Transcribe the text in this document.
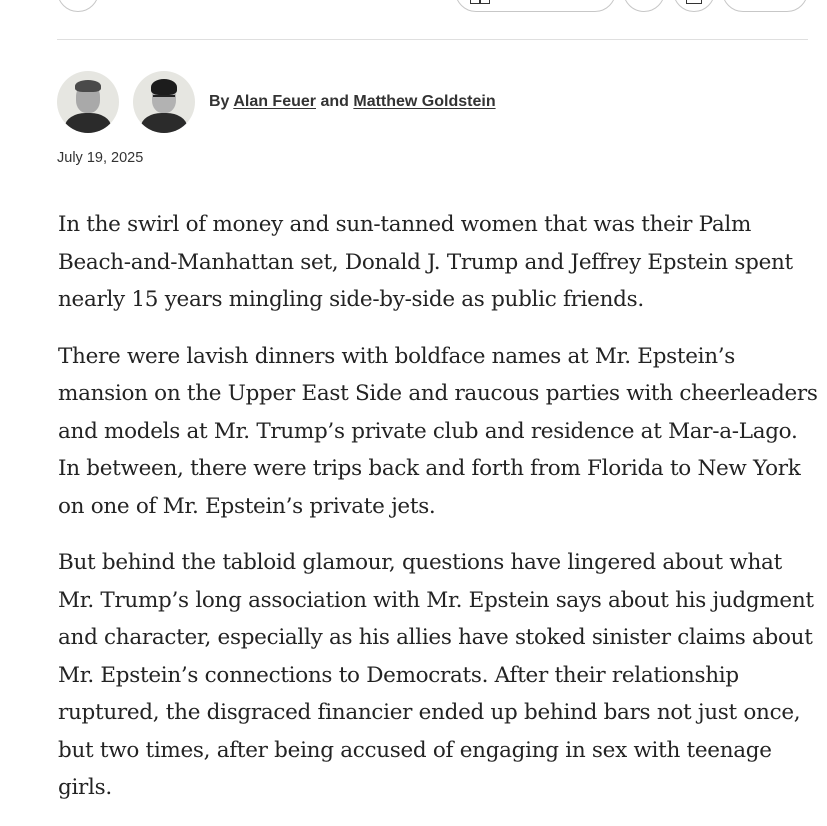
By Alan Feuer and Matthew Goldstein
July 19, 2025

In the swirl of money and sun-tanned women that was their Palm Beach-and-Manhattan set, Donald J. Trump and Jeffrey Epstein spent nearly 15 years mingling side-by-side as public friends.

There were lavish dinners with boldface names at Mr. Epstein’s mansion on the Upper East Side and raucous parties with cheerleaders and models at Mr. Trump’s private club and residence at Mar-a-Lago. In between, there were trips back and forth from Florida to New York on one of Mr. Epstein’s private jets.

But behind the tabloid glamour, questions have lingered about what Mr. Trump’s long association with Mr. Epstein says about his judgment and character, especially as his allies have stoked sinister claims about Mr. Epstein’s connections to Democrats. After their relationship ruptured, the disgraced financier ended up behind bars not just once, but two times, after being accused of engaging in sex with teenage girls.
